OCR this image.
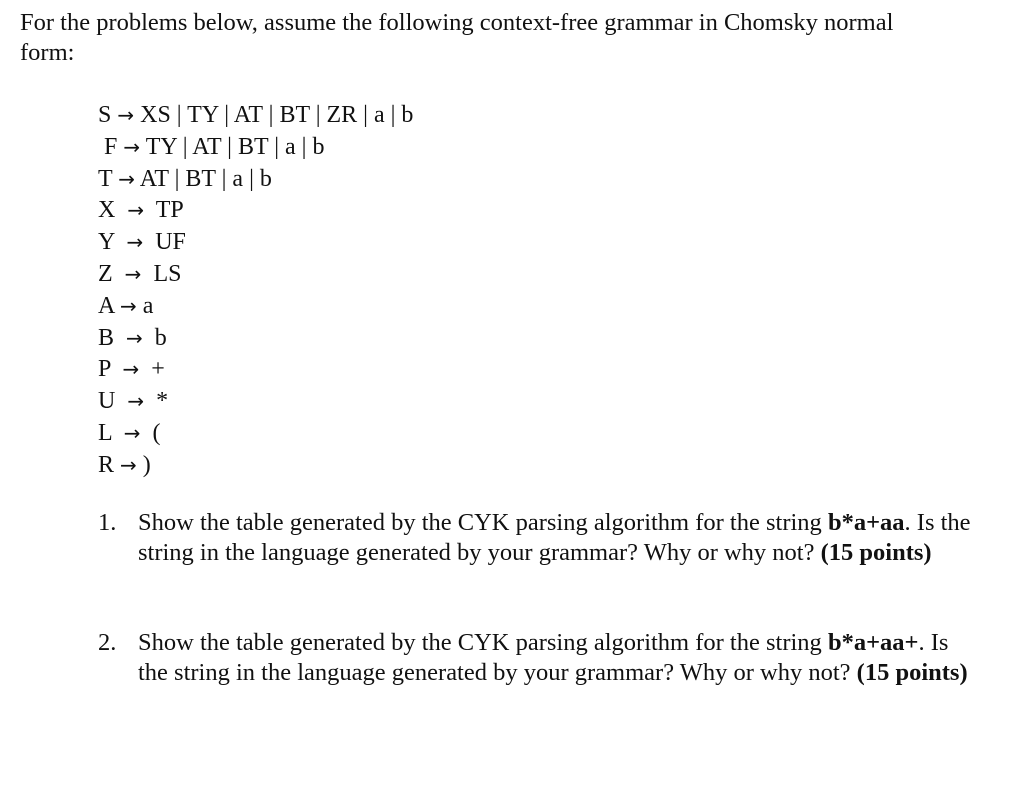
For the problems below, assume the following context-free grammar in Chomsky normal form:
S → XS | TY | AT | BT | ZR | a | b
F → TY | AT | BT | a | b
T → AT | BT | a | b
X → TP
Y → UF
Z → LS
A → a
B → b
P → +
U → *
L → (
R → )
1. Show the table generated by the CYK parsing algorithm for the string b*a+aa. Is the string in the language generated by your grammar? Why or why not? (15 points)
2. Show the table generated by the CYK parsing algorithm for the string b*a+aa+. Is the string in the language generated by your grammar? Why or why not? (15 points)
